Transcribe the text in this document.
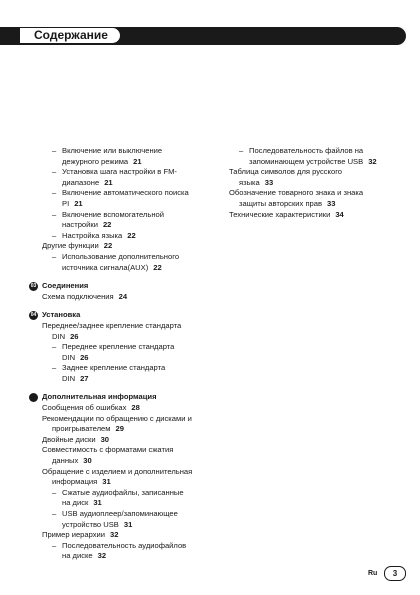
Содержание
– Включение или выключение
дежурного режима 21
– Установка шага настройки в FM-
диапазоне 21
– Включение автоматического поиска
PI 21
– Включение вспомогательной
настройки 22
– Настройка языка 22
Другие функции 22
– Использование дополнительного
источника сигнала(AUX) 22
03 Соединения
Схема подключения 24
04 Установка
Переднее/заднее крепление стандарта
DIN 26
– Переднее крепление стандарта
DIN 26
– Заднее крепление стандарта
DIN 27
Дополнительная информация
Сообщения об ошибках 28
Рекомендации по обращению с дисками и
проигрывателем 29
Двойные диски 30
Совместимость с форматами сжатия
данных 30
Обращение с изделием и дополнительная
информация 31
– Сжатые аудиофайлы, записанные
на диск 31
– USB аудиоплеер/запоминающее
устройство USB 31
Пример иерархии 32
– Последовательность аудиофайлов
на диске 32
– Последовательность файлов на
запоминающем устройстве USB 32
Таблица символов для русского
языка 33
Обозначение товарного знака и знака
защиты авторских прав 33
Технические характеристики 34
Ru	3
